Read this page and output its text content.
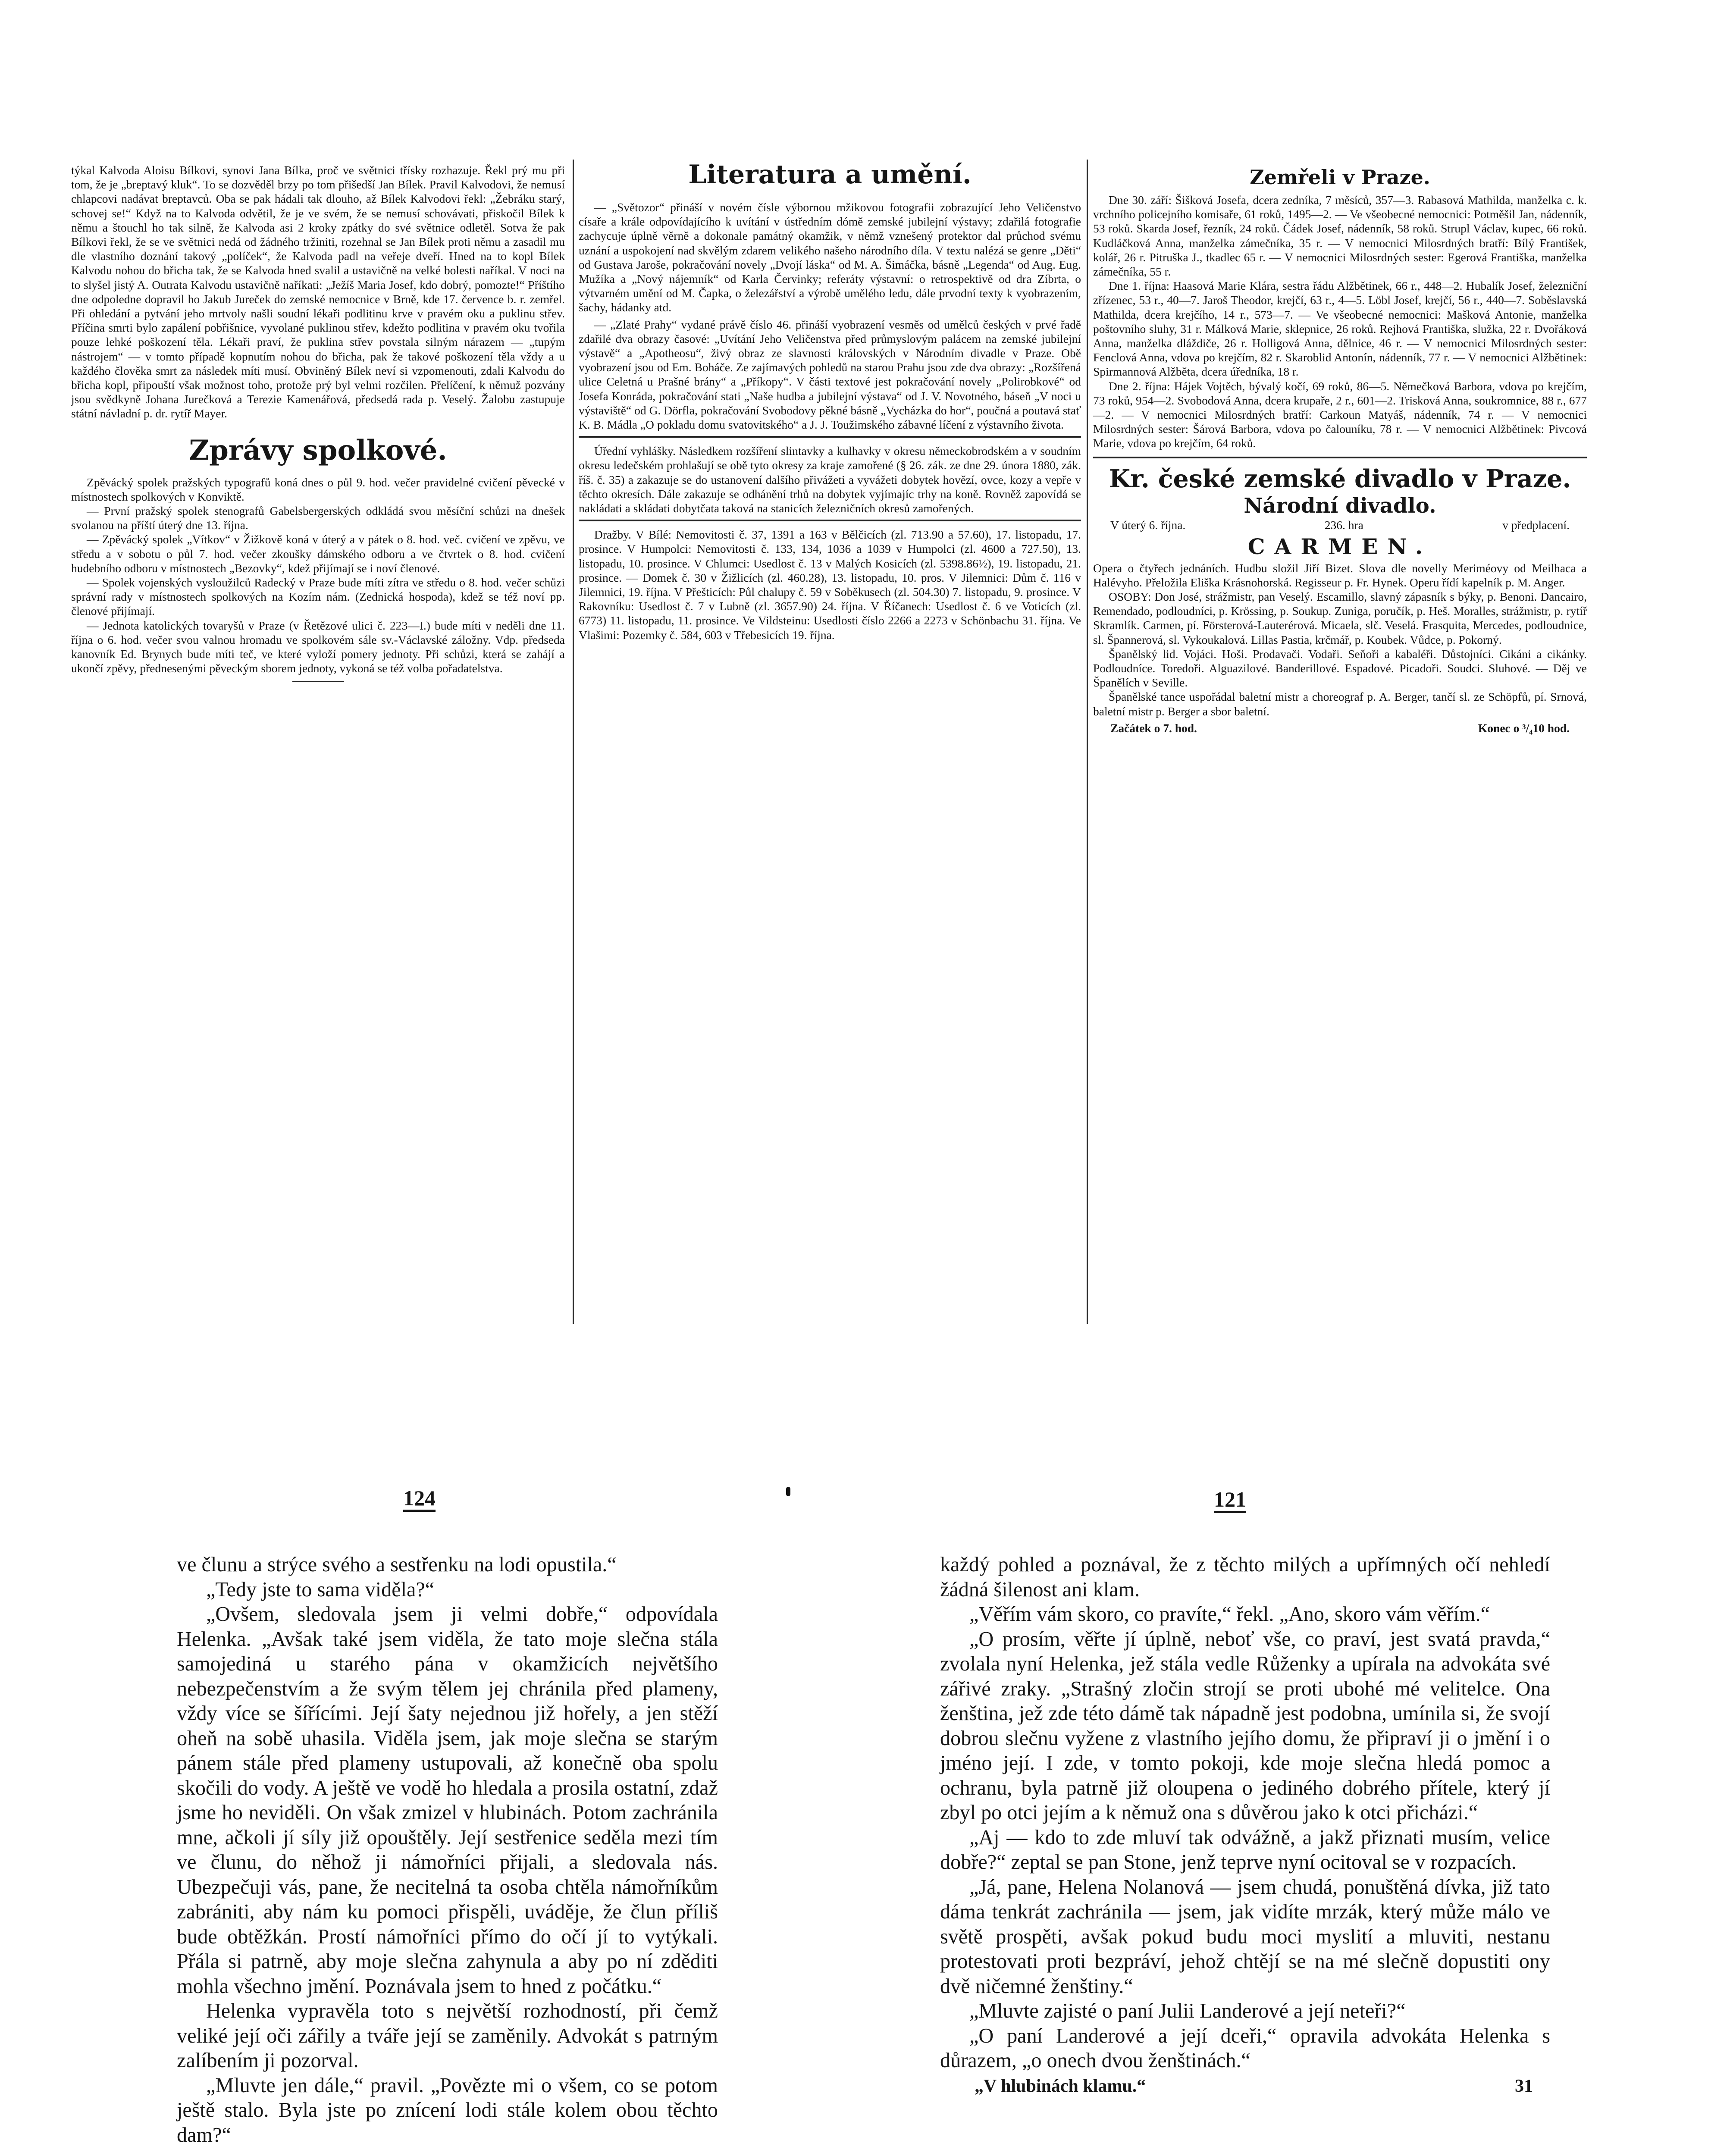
týkal Kalvoda Aloisu Bílkovi, synovi Jana Bílka, proč ve světnici třísky rozhazuje. Řekl prý mu při tom, že je „breptavý kluk“. To se dozvěděl brzy po tom přišedší Jan Bílek. Pravil Kalvodovi, že nemusí chlapcovi nadávat breptavců. Oba se pak hádali tak dlouho, až Bílek Kalvodovi řekl: „Žebráku starý, schovej se!“ Když na to Kalvoda odvětil, že je ve svém, že se nemusí schovávati, přiskočil Bílek k němu a štouchl ho tak silně, že Kalvoda asi 2 kroky zpátky do své světnice odletěl. Sotva že pak Bílkovi řekl, že se ve světnici nedá od žádného tržiniti, rozehnal se Jan Bílek proti němu a zasadil mu dle vlastního doznání takový „políček“, že Kalvoda padl na veřeje dveří. Hned na to kopl Bílek Kalvodu nohou do břicha tak, že se Kalvoda hned svalil a ustavičně na velké bolesti naříkal. V noci na to slyšel jistý A. Outrata Kalvodu ustavičně naříkati: „Ježíš Maria Josef, kdo dobrý, pomozte!“ Příštího dne odpoledne dopravil ho Jakub Jureček do zemské nemocnice v Brně, kde 17. července b. r. zemřel. Při ohledání a pytvání jeho mrtvoly našli soudní lékaři podlitinu krve v pravém oku a puklinu střev. Příčina smrti bylo zapálení pobřišnice, vyvolané puklinou střev, kdežto podlitina v pravém oku tvořila pouze lehké poškození těla. Lékaři praví, že puklina střev povstala silným nárazem — „tupým nástrojem“ — v tomto případě kopnutím nohou do břicha, pak že takové poškození těla vždy a u každého člověka smrt za následek míti musí. Obviněný Bílek neví si vzpomenouti, zdali Kalvodu do břicha kopl, připouští však možnost toho, protože prý byl velmi rozčilen. Přelíčení, k němuž pozvány jsou svědkyně Johana Jurečková a Terezie Kamenářová, předsedá rada p. Veselý. Žalobu zastupuje státní návladní p. dr. rytíř Mayer.

Zprávy spolkové.

Zpěvácký spolek pražských typografů koná dnes o půl 9. hod. večer pravidelné cvičení pěvecké v místnostech spolkových v Konviktě.

— První pražský spolek stenografů Gabelsbergerských odkládá svou měsíční schůzi na dnešek svolanou na příští úterý dne 13. října.

— Zpěvácký spolek „Vítkov“ v Žižkově koná v úterý a v pátek o 8. hod. več. cvičení ve zpěvu, ve středu a v sobotu o půl 7. hod. večer zkoušky dámského odboru a ve čtvrtek o 8. hod. cvičení hudebního odboru v místnostech „Bezovky“, kdež přijímají se i noví členové.

— Spolek vojenských vysloužilců Radecký v Praze bude míti zítra ve středu o 8. hod. večer schůzi správní rady v místnostech spolkových na Kozím nám. (Zednická hospoda), kdež se též noví pp. členové přijímají.

— Jednota katolických tovaryšů v Praze (v Řetězové ulici č. 223—I.) bude míti v neděli dne 11. října o 6. hod. večer svou valnou hromadu ve spolkovém sále sv.-Václavské záložny. Vdp. předseda kanovník Ed. Brynych bude míti teč, ve které vyloží pomery jednoty. Při schůzi, která se zahájí a ukončí zpěvy, přednesenými pěveckým sborem jednoty, vykoná se též volba pořadatelstva.

Literatura a umění.

— „Světozor“ přináší v novém čísle výbornou mžikovou fotografii zobrazující Jeho Veličenstvo císaře a krále odpovídajícího k uvítání v ústředním dómě zemské jubilejní výstavy; zdařilá fotografie zachycuje úplně věrně a dokonale památný okamžik, v němž vznešený protektor dal průchod svému uznání a uspokojení nad skvělým zdarem velikého našeho národního díla. V textu nalézá se genre „Děti“ od Gustava Jaroše, pokračování novely „Dvojí láska“ od M. A. Šimáčka, básně „Legenda“ od Aug. Eug. Mužíka a „Nový nájemník“ od Karla Červinky; referáty výstavní: o retrospektivě od dra Zíbrta, o výtvarném umění od M. Čapka, o železářství a výrobě umělého ledu, dále prvodní texty k vyobrazením, šachy, hádanky atd.

— „Zlaté Prahy“ vydané právě číslo 46. přináší vyobrazení vesměs od umělců českých v prvé řadě zdařilé dva obrazy časové: „Uvítání Jeho Veličenstva před průmyslovým palácem na zemské jubilejní výstavě“ a „Apotheosu“, živý obraz ze slavnosti královských v Národním divadle v Praze. Obě vyobrazení jsou od Em. Boháče. Ze zajímavých pohledů na starou Prahu jsou zde dva obrazy: „Rozšířená ulice Celetná u Prašné brány“ a „Příkopy“. V části textové jest pokračování novely „Polirobkové“ od Josefa Konráda, pokračování stati „Naše hudba a jubilejní výstava“ od J. V. Novotného, báseň „V noci u výstaviště“ od G. Dörfla, pokračování Svobodovy pěkné básně „Vycházka do hor“, poučná a poutavá stať K. B. Mádla „O pokladu domu svatovitského“ a J. J. Toužimského zábavné líčení z výstavního života.

Úřední vyhlášky. Následkem rozšíření slintavky a kulhavky v okresu německobrodském a v soudním okresu ledečském prohlašují se obě tyto okresy za kraje zamořené (§ 26. zák. ze dne 29. února 1880, zák. říš. č. 35) a zakazuje se do ustanovení dalšího přivážeti a vyvážeti dobytek hovězí, ovce, kozy a vepře v těchto okresích. Dále zakazuje se odhánění trhů na dobytek vyjímajíc trhy na koně. Rovněž zapovídá se nakládati a skládati dobytčata taková na stanicích železničních okresů zamořených.

Dražby. V Bílé: Nemovitosti č. 37, 1391 a 163 v Bělčicích (zl. 713.90 a 57.60), 17. listopadu, 17. prosince. V Humpolci: Nemovitosti č. 133, 134, 1036 a 1039 v Humpolci (zl. 4600 a 727.50), 13. listopadu, 10. prosince. V Chlumci: Usedlost č. 13 v Malých Kosicích (zl. 5398.86½), 19. listopadu, 21. prosince. — Domek č. 30 v Žižlicích (zl. 460.28), 13. listopadu, 10. pros. V Jilemnici: Dům č. 116 v Jilemnici, 19. října. V Přešticích: Půl chalupy č. 59 v Soběkusech (zl. 504.30) 7. listopadu, 9. prosince. V Rakovníku: Usedlost č. 7 v Lubně (zl. 3657.90) 24. října. V Říčanech: Usedlost č. 6 ve Voticích (zl. 6773) 11. listopadu, 11. prosince. Ve Vildsteinu: Usedlosti číslo 2266 a 2273 v Schönbachu 31. října. Ve Vlašimi: Pozemky č. 584, 603 v Třebesicích 19. října.

Zemřeli v Praze.

Dne 30. září: Šišková Josefa, dcera zedníka, 7 měsíců, 357—3. Rabasová Mathilda, manželka c. k. vrchního policejního komisaře, 61 roků, 1495—2. — Ve všeobecné nemocnici: Potměšil Jan, nádenník, 53 roků. Skarda Josef, řezník, 24 roků. Čádek Josef, nádenník, 58 roků. Strupl Václav, kupec, 66 roků. Kudláčková Anna, manželka zámečníka, 35 r. — V nemocnici Milosrdných bratří: Bílý František, kolář, 26 r. Pitruška J., tkadlec 65 r. — V nemocnici Milosrdných sester: Egerová Františka, manželka zámečníka, 55 r.

Dne 1. října: Haasová Marie Klára, sestra řádu Alžbětinek, 66 r., 448—2. Hubalík Josef, železniční zřízenec, 53 r., 40—7. Jaroš Theodor, krejčí, 63 r., 4—5. Löbl Josef, krejčí, 56 r., 440—7. Soběslavská Mathilda, dcera krejčího, 14 r., 573—7. — Ve všeobecné nemocnici: Mašková Antonie, manželka poštovního sluhy, 31 r. Málková Marie, sklepnice, 26 roků. Rejhová Františka, služka, 22 r. Dvořáková Anna, manželka dláždiče, 26 r. Holligová Anna, dělnice, 46 r. — V nemocnici Milosrdných sester: Fenclová Anna, vdova po krejčím, 82 r. Skaroblid Antonín, nádenník, 77 r. — V nemocnici Alžbětinek: Spirmannová Alžběta, dcera úředníka, 18 r.

Dne 2. října: Hájek Vojtěch, bývalý kočí, 69 roků, 86—5. Němečková Barbora, vdova po krejčím, 73 roků, 954—2. Svobodová Anna, dcera krupaře, 2 r., 601—2. Trisková Anna, soukromnice, 88 r., 677—2. — V nemocnici Milosrdných bratří: Carkoun Matyáš, nádenník, 74 r. — V nemocnici Milosrdných sester: Šárová Barbora, vdova po čalouníku, 78 r. — V nemocnici Alžbětinek: Pivcová Marie, vdova po krejčím, 64 roků.

Kr. české zemské divadlo v Praze.
Národní divadlo.
V úterý 6. října.	236. hra	v předplacení.
CARMEN.

Opera o čtyřech jednáních. Hudbu složil Jiří Bizet. Slova dle novelly Meriméovy od Meilhaca a Halévyho. Přeložila Eliška Krásnohorská. Regisseur p. Fr. Hynek. Operu řídí kapelník p. M. Anger.

OSOBY: Don José, strážmistr, pan Veselý. Escamillo, slavný zápasník s býky, p. Benoni. Dancairo, Remendado, podloudníci, p. Krössing, p. Soukup. Zuniga, poručík, p. Heš. Moralles, strážmistr, p. rytíř Skramlík. Carmen, pí. Försterová-Lauterérová. Micaela, slč. Veselá. Frasquita, Mercedes, podloudnice, sl. Špannerová, sl. Vykoukalová. Lillas Pastia, krčmář, p. Koubek. Vůdce, p. Pokorný.

Španělský lid. Vojáci. Hoši. Prodavači. Vodaři. Seňoři a kabaléři. Důstojníci. Cikáni a cikánky. Podloudníce. Toredoři. Alguazilové. Banderillové. Espadové. Picadoři. Soudci. Sluhové. — Děj ve Španělích v Seville.

Španělské tance uspořádal baletní mistr a choreograf p. A. Berger, tančí sl. ze Schöpfů, pí. Srnová, baletní mistr p. Berger a sbor baletní.

Začátek o 7. hod.	Konec o ³/₄10 hod.
124	121

ve člunu a strýce svého a sestřenku na lodi opustila.“

„Tedy jste to sama viděla?“

„Ovšem, sledovala jsem ji velmi dobře,“ odpovídala Helenka. „Avšak také jsem viděla, že tato moje slečna stála samojediná u starého pána v okamžicích největšího nebezpečenstvím a že svým tělem jej chránila před plameny, vždy více se šířícími. Její šaty nejednou již hořely, a jen stěží oheň na sobě uhasila. Viděla jsem, jak moje slečna se starým pánem stále před plameny ustupovali, až konečně oba spolu skočili do vody. A ještě ve vodě ho hledala a prosila ostatní, zdaž jsme ho neviděli. On však zmizel v hlubinách. Potom zachránila mne, ačkoli jí síly již opouštěly. Její sestřenice seděla mezi tím ve člunu, do něhož ji námořníci přijali, a sledovala nás. Ubezpečuji vás, pane, že necitelná ta osoba chtěla námořníkům zabrániti, aby nám ku pomoci přispěli, uváděje, že člun příliš bude obtěžkán. Prostí námořníci přímo do očí jí to vytýkali. Přála si patrně, aby moje slečna zahynula a aby po ní zděditi mohla všechno jmění. Poznávala jsem to hned z počátku.“

Helenka vypravěla toto s největší rozhodností, při čemž veliké její oči zářily a tváře její se zaměnily. Advokát s patrným zalíbením ji pozorval.

„Mluvte jen dále,“ pravil. „Povězte mi o všem, co se potom ještě stalo. Byla jste po znícení lodi stále kolem obou těchto dam?“

každý pohled a poznával, že z těchto milých a upřímných očí nehledí žádná šilenost ani klam.

„Věřím vám skoro, co pravíte,“ řekl. „Ano, skoro vám věřím.“

„O prosím, věřte jí úplně, neboť vše, co praví, jest svatá pravda,“ zvolala nyní Helenka, jež stála vedle Růženky a upírala na advokáta své zářivé zraky. „Strašný zločin strojí se proti ubohé mé velitelce. Ona ženština, jež zde této dámě tak nápadně jest podobna, umínila si, že svojí dobrou slečnu vyžene z vlastního jejího domu, že připraví ji o jmění i o jméno její. I zde, v tomto pokoji, kde moje slečna hledá pomoc a ochranu, byla patrně již oloupena o jediného dobrého přítele, který jí zbyl po otci jejím a k němuž ona s důvěrou jako k otci přicházi.“

„Aj — kdo to zde mluví tak odvážně, a jakž přiznati musím, velice dobře?“ zeptal se pan Stone, jenž teprve nyní ocitoval se v rozpacích.

„Já, pane, Helena Nolanová — jsem chudá, ponuštěná dívka, již tato dáma tenkrát zachránila — jsem, jak vidíte mrzák, který může málo ve světě prospěti, avšak pokud budu moci myslití a mluviti, nestanu protestovati proti bezpráví, jehož chtějí se na mé slečně dopustiti ony dvě ničemné ženštiny.“

„Mluvte zajisté o paní Julii Landerové a její neteři?“

„O paní Landerové a její dceři,“ opravila advokáta Helenka s důrazem, „o onech dvou ženštinách.“

„V hlubinách klamu.“	31
